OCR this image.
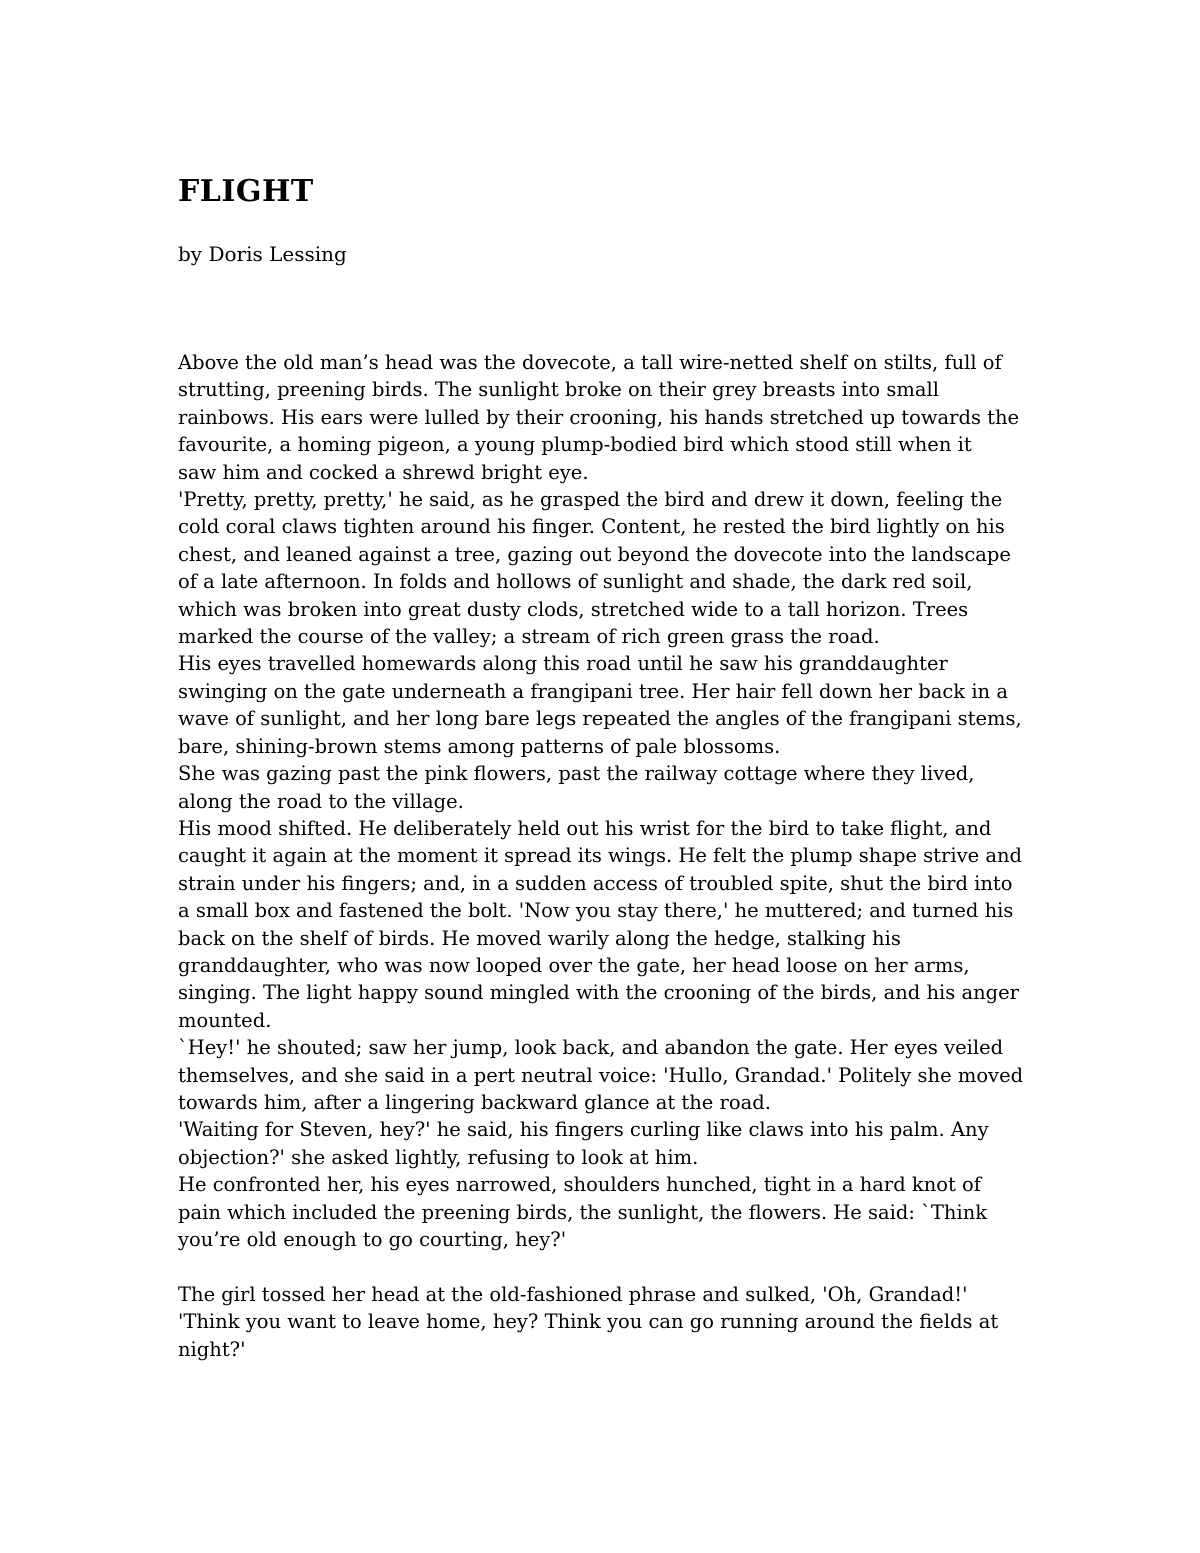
FLIGHT

by Doris Lessing

Above the old man’s head was the dovecote, a tall wire-netted shelf on stilts, full of

strutting, preening birds. The sunlight broke on their grey breasts into small

rainbows. His ears were lulled by their crooning, his hands stretched up towards the

favourite, a homing pigeon, a young plump-bodied bird which stood still when it

saw him and cocked a shrewd bright eye.

'Pretty, pretty, pretty,' he said, as he grasped the bird and drew it down, feeling the

cold coral claws tighten around his finger. Content, he rested the bird lightly on his

chest, and leaned against a tree, gazing out beyond the dovecote into the landscape

of a late afternoon. In folds and hollows of sunlight and shade, the dark red soil,

which was broken into great dusty clods, stretched wide to a tall horizon. Trees

marked the course of the valley; a stream of rich green grass the road.

His eyes travelled homewards along this road until he saw his granddaughter

swinging on the gate underneath a frangipani tree. Her hair fell down her back in a

wave of sunlight, and her long bare legs repeated the angles of the frangipani stems,

bare, shining-brown stems among patterns of pale blossoms.

She was gazing past the pink flowers, past the railway cottage where they lived,

along the road to the village.

His mood shifted. He deliberately held out his wrist for the bird to take flight, and

caught it again at the moment it spread its wings. He felt the plump shape strive and

strain under his fingers; and, in a sudden access of troubled spite, shut the bird into

a small box and fastened the bolt. 'Now you stay there,' he muttered; and turned his

back on the shelf of birds. He moved warily along the hedge, stalking his

granddaughter, who was now looped over the gate, her head loose on her arms,

singing. The light happy sound mingled with the crooning of the birds, and his anger

mounted.

`Hey!' he shouted; saw her jump, look back, and abandon the gate. Her eyes veiled

themselves, and she said in a pert neutral voice: 'Hullo, Grandad.' Politely she moved

towards him, after a lingering backward glance at the road.

'Waiting for Steven, hey?' he said, his fingers curling like claws into his palm. Any

objection?' she asked lightly, refusing to look at him.

He confronted her, his eyes narrowed, shoulders hunched, tight in a hard knot of

pain which included the preening birds, the sunlight, the flowers. He said: `Think

you’re old enough to go courting, hey?'

The girl tossed her head at the old-fashioned phrase and sulked, 'Oh, Grandad!'

'Think you want to leave home, hey? Think you can go running around the fields at

night?'
